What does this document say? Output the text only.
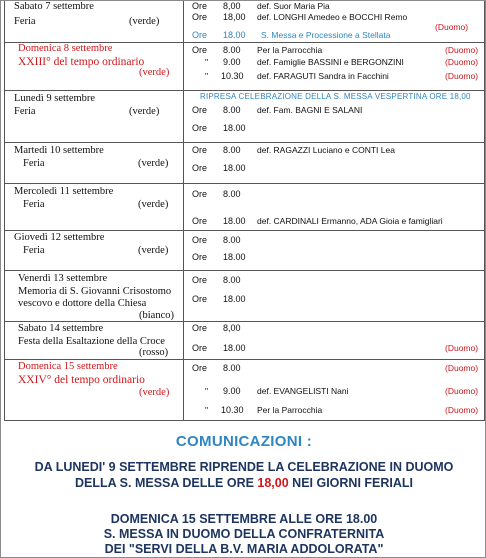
Sabato 7 settembre
Feria	(verde)
Ore 8,00 def. Suor Maria Pia
Ore 18,00 def. LONGHI Amedeo e BOCCHI Remo
(Duomo)
Ore 18.00 S. Messa e Processione a Stellata
Domenica 8 settembre
XXIII° del tempo ordinario
(verde)
Ore 8.00 Per la Parrocchia	(Duomo)
" 9.00 def. Famiglie BASSINI e BERGONZINI	(Duomo)
" 10.30 def. FARAGUTI Sandra in Facchini	(Duomo)
Lunedì 9 settembre
Feria	(verde)
RIPRESA CELEBRAZIONE DELLA S. MESSA VESPERTINA ORE 18,00
Ore 8.00 def. Fam. BAGNI E SALANI
Ore 18.00
Martedì 10 settembre
Feria	(verde)
Ore 8.00 def. RAGAZZI Luciano e CONTI Lea
Ore 18.00
Mercoledì 11 settembre
Feria	(verde)
Ore 8.00
Ore 18.00 def. CARDINALI Ermanno, ADA Gioia e famigliari
Giovedì 12 settembre
Feria	(verde)
Ore 8.00
Ore 18.00
Venerdì 13 settembre
Memoria di S. Giovanni Crisostomo
vescovo e dottore della Chiesa
(bianco)
Ore 8.00
Ore 18.00
Sabato 14 settembre
Festa della Esaltazione della Croce
(rosso)
Ore 8,00
Ore 18.00	(Duomo)
Domenica 15 settembre
XXIV° del tempo ordinario
(verde)
Ore 8.00	(Duomo)
" 9.00 def. EVANGELISTI Nani	(Duomo)
" 10.30 Per la Parrocchia	(Duomo)
COMUNICAZIONI :
DA LUNEDI' 9 SETTEMBRE RIPRENDE LA CELEBRAZIONE IN DUOMO
DELLA S. MESSA DELLE ORE 18,00 NEI GIORNI FERIALI
DOMENICA 15 SETTEMBRE ALLE ORE 18.00
S. MESSA IN DUOMO DELLA CONFRATERNITA
DEI "SERVI DELLA B.V. MARIA ADDOLORATA"
